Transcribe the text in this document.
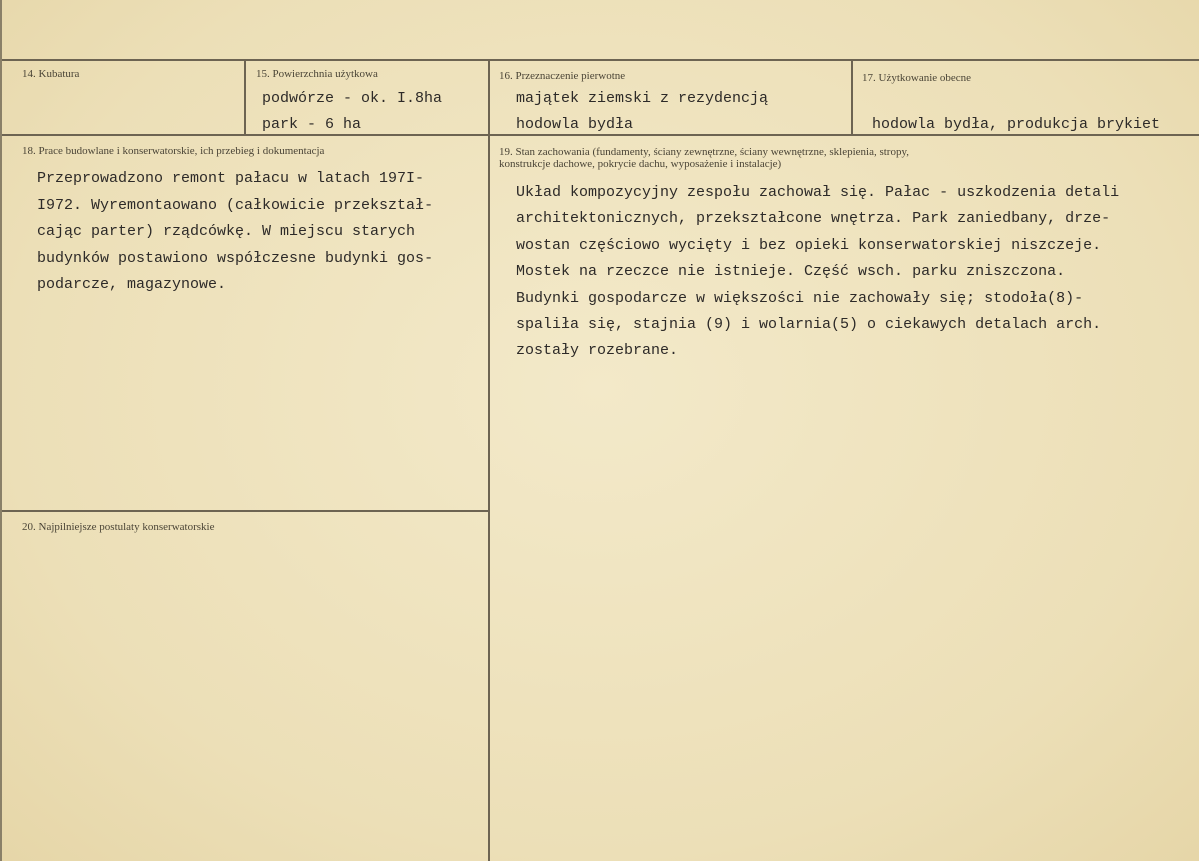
14. Kubatura	15. Powierzchnia użytkowa
podwórze - ok. I.8ha
park - 6 ha
16. Przeznaczenie pierwotne
majątek ziemski z rezydencją
hodowla bydła
17. Użytkowanie obecne
hodowla bydła, produkcja brykiet
18. Prace budowlane i konserwatorskie, ich przebieg i dokumentacja
Przeprowadzono remont pałacu w latach 197I-
I972. Wyremontaowano (całkowicie przekształ-
cając parter) rządcówkę. W miejscu starych
budynków postawiono współczesne budynki gos-
podarcze, magazynowe.
19. Stan zachowania (fundamenty, ściany zewnętrzne, ściany wewnętrzne, sklepienia, stropy,
konstrukcje dachowe, pokrycie dachu, wyposażenie i instalacje)
Układ kompozycyjny zespołu zachował się. Pałac - uszkodzenia detali
architektonicznych, przekształcone wnętrza. Park zaniedbany, drze-
wostan częściowo wycięty i bez opieki konserwatorskiej niszczeje.
Mostek na rzeczce nie istnieje. Część wsch. parku zniszczona.
Budynki gospodarcze w większości nie zachowały się; stodoła(8)-
spaliła się, stajnia (9) i wolarnia(5) o ciekawych detalach arch.
zostały rozebrane.
20. Najpilniejsze postulaty konserwatorskie
